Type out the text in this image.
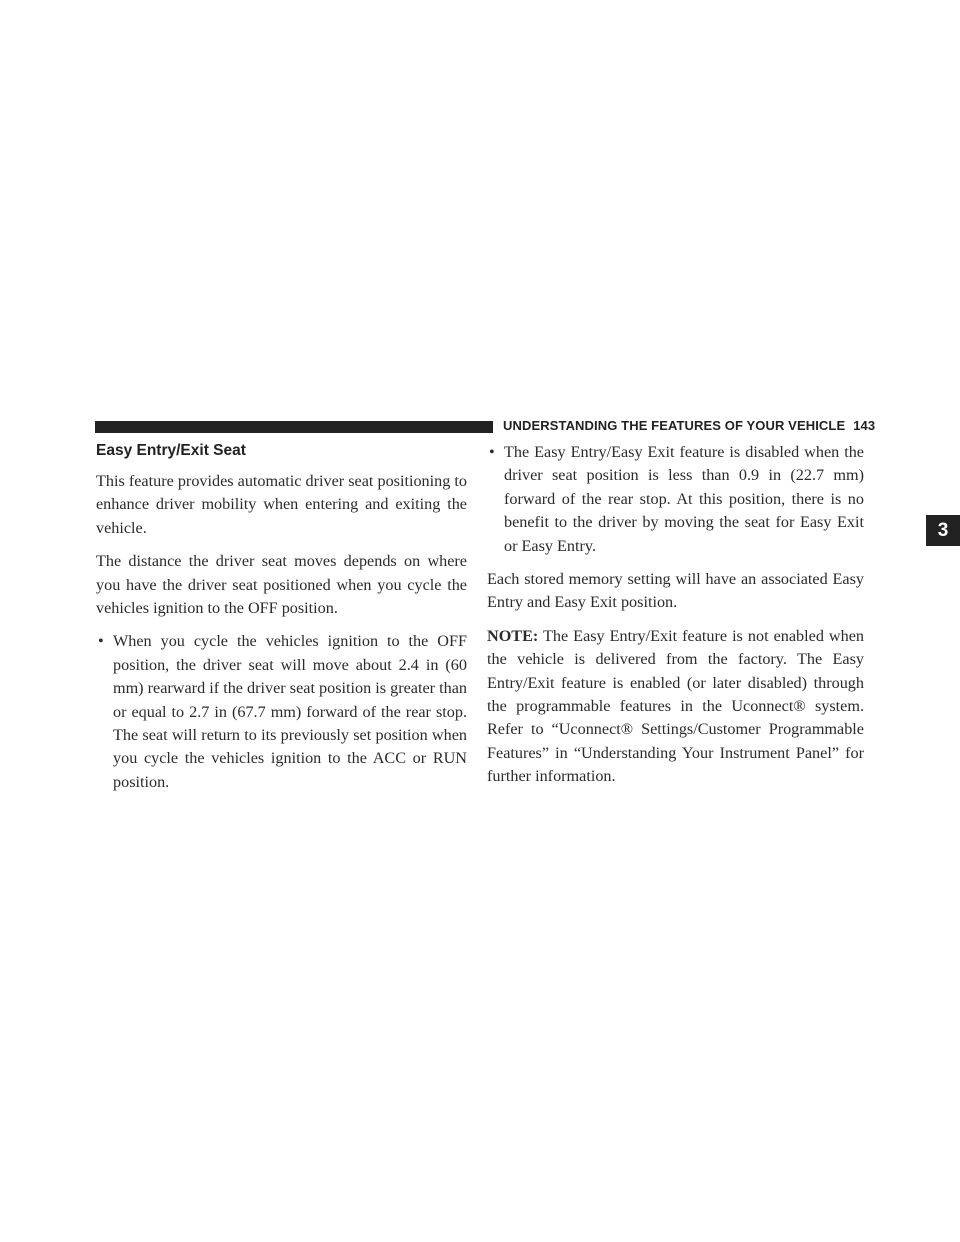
UNDERSTANDING THE FEATURES OF YOUR VEHICLE 143
3
Easy Entry/Exit Seat

This feature provides automatic driver seat positioning to enhance driver mobility when entering and exiting the vehicle.

The distance the driver seat moves depends on where you have the driver seat positioned when you cycle the vehicles ignition to the OFF position.

• When you cycle the vehicles ignition to the OFF position, the driver seat will move about 2.4 in (60 mm) rearward if the driver seat position is greater than or equal to 2.7 in (67.7 mm) forward of the rear stop. The seat will return to its previously set position when you cycle the vehicles ignition to the ACC or RUN position.
• The Easy Entry/Easy Exit feature is disabled when the driver seat position is less than 0.9 in (22.7 mm) forward of the rear stop. At this position, there is no benefit to the driver by moving the seat for Easy Exit or Easy Entry.

Each stored memory setting will have an associated Easy Entry and Easy Exit position.

NOTE: The Easy Entry/Exit feature is not enabled when the vehicle is delivered from the factory. The Easy Entry/Exit feature is enabled (or later disabled) through the programmable features in the Uconnect® system. Refer to “Uconnect® Settings/Customer Programmable Features” in “Understanding Your Instrument Panel” for further information.
